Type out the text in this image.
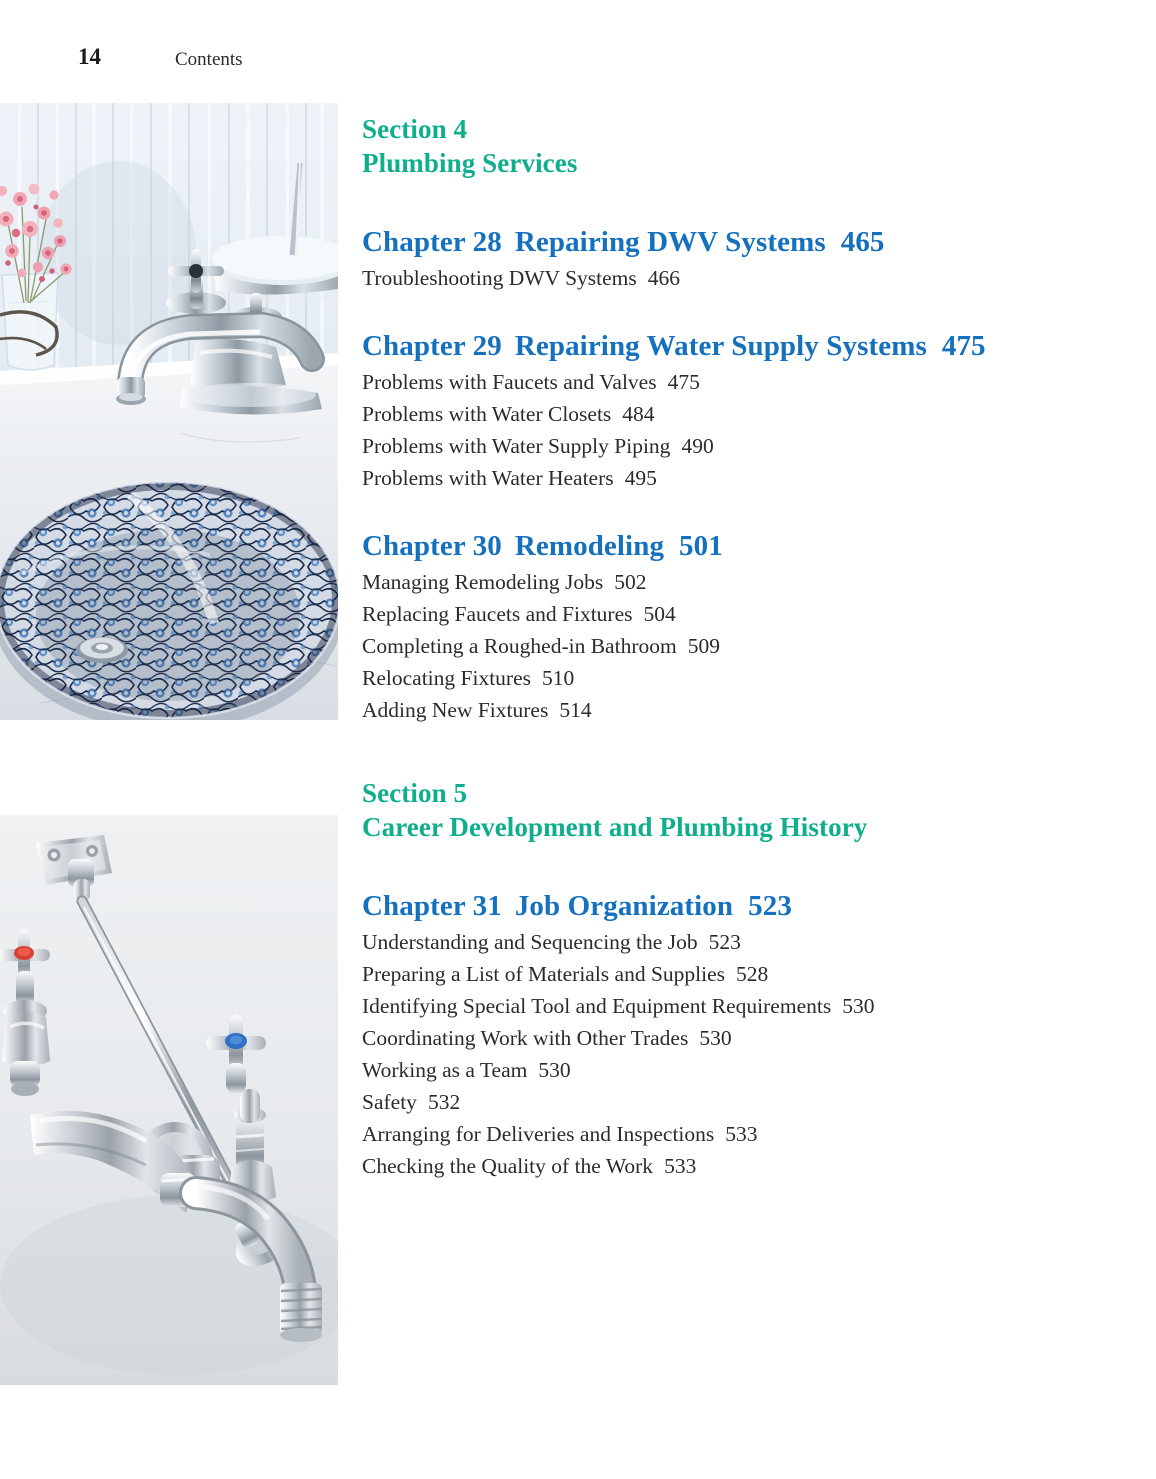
14	Contents
Section 4
Plumbing Services
Chapter 28 Repairing DWV Systems 465
Troubleshooting DWV Systems 466
Chapter 29 Repairing Water Supply Systems 475
Problems with Faucets and Valves 475
Problems with Water Closets 484
Problems with Water Supply Piping 490
Problems with Water Heaters 495
Chapter 30 Remodeling 501
Managing Remodeling Jobs 502
Replacing Faucets and Fixtures 504
Completing a Roughed-in Bathroom 509
Relocating Fixtures 510
Adding New Fixtures 514
Section 5
Career Development and Plumbing History
Chapter 31 Job Organization 523
Understanding and Sequencing the Job 523
Preparing a List of Materials and Supplies 528
Identifying Special Tool and Equipment Requirements 530
Coordinating Work with Other Trades 530
Working as a Team 530
Safety 532
Arranging for Deliveries and Inspections 533
Checking the Quality of the Work 533
